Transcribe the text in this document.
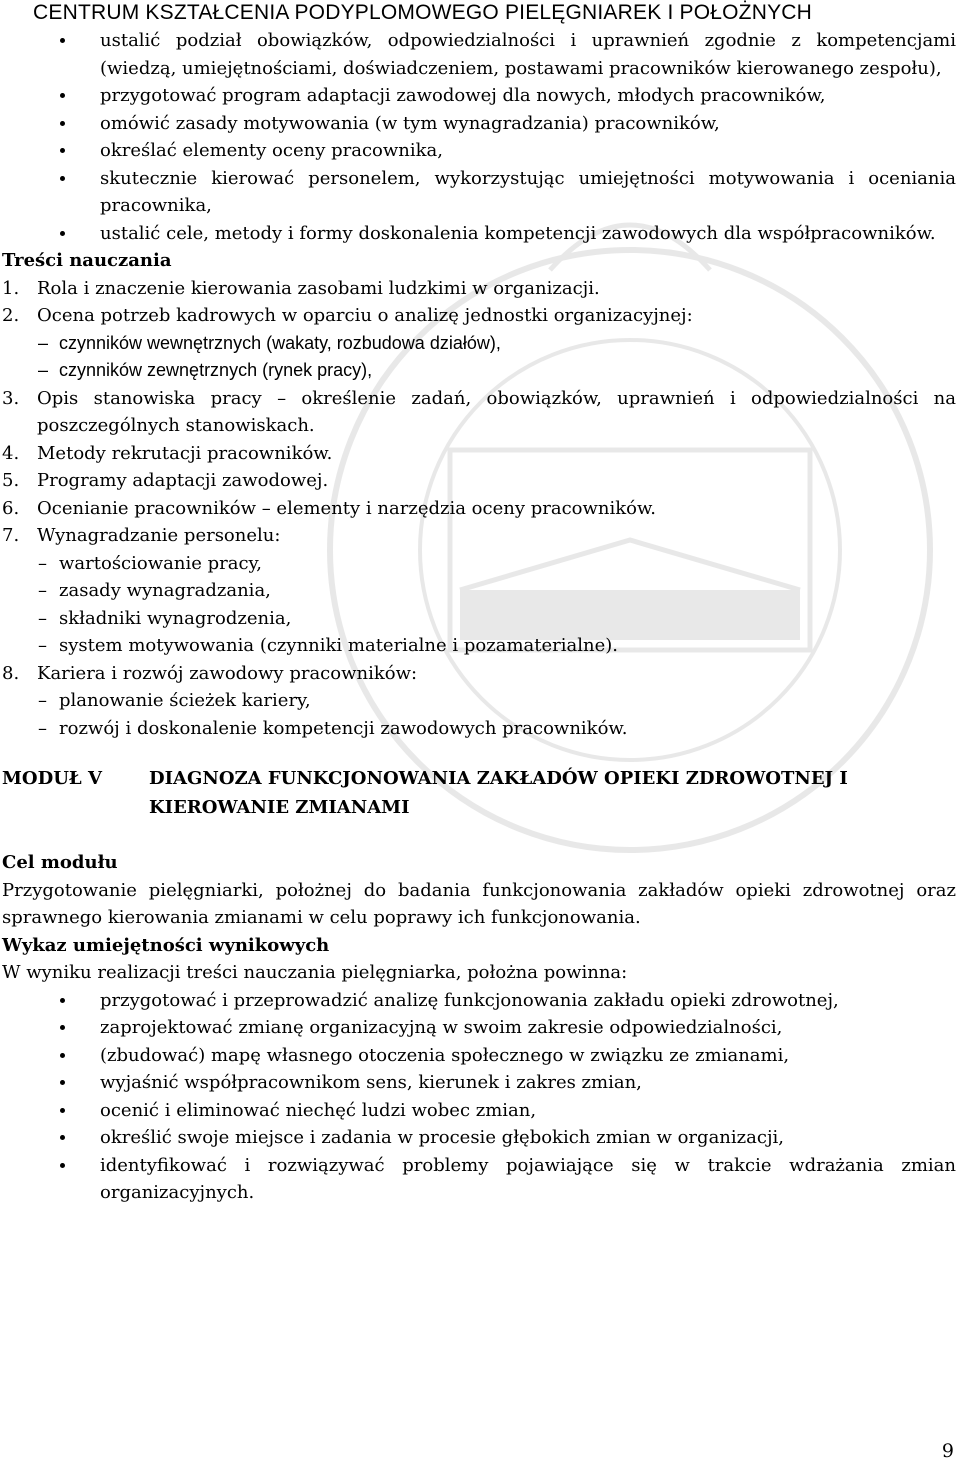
CENTRUM KSZTAŁCENIA PODYPLOMOWEGO PIELĘGNIAREK I POŁOŻNYCH
ustalić podział obowiązków, odpowiedzialności i uprawnień zgodnie z kompetencjami (wiedzą, umiejętnościami, doświadczeniem, postawami pracowników kierowanego zespołu),
przygotować program adaptacji zawodowej dla nowych, młodych pracowników,
omówić zasady motywowania (w tym wynagradzania) pracowników,
określać elementy oceny pracownika,
skutecznie kierować personelem, wykorzystując umiejętności motywowania i oceniania pracownika,
ustalić cele, metody i formy doskonalenia kompetencji zawodowych dla współpracowników.
Treści nauczania
1. Rola i znaczenie kierowania zasobami ludzkimi w organizacji.
2. Ocena potrzeb kadrowych w oparciu o analizę jednostki organizacyjnej:
– czynników wewnętrznych (wakaty, rozbudowa działów),
– czynników zewnętrznych (rynek pracy),
3. Opis stanowiska pracy – określenie zadań, obowiązków, uprawnień i odpowiedzialności na poszczególnych stanowiskach.
4. Metody rekrutacji pracowników.
5. Programy adaptacji zawodowej.
6. Ocenianie pracowników – elementy i narzędzia oceny pracowników.
7. Wynagradzanie personelu:
– wartościowanie pracy,
– zasady wynagradzania,
– składniki wynagrodzenia,
– system motywowania (czynniki materialne i pozamaterialne).
8. Kariera i rozwój zawodowy pracowników:
– planowanie ścieżek kariery,
– rozwój i doskonalenie kompetencji zawodowych pracowników.
MODUŁ V	DIAGNOZA FUNKCJONOWANIA ZAKŁADÓW OPIEKI ZDROWOTNEJ I KIEROWANIE ZMIANAMI
Cel modułu
Przygotowanie pielęgniarki, położnej do badania funkcjonowania zakładów opieki zdrowotnej oraz sprawnego kierowania zmianami w celu poprawy ich funkcjonowania.
Wykaz umiejętności wynikowych
W wyniku realizacji treści nauczania pielęgniarka, położna powinna:
przygotować i przeprowadzić analizę funkcjonowania zakładu opieki zdrowotnej,
zaprojektować zmianę organizacyjną w swoim zakresie odpowiedzialności,
(zbudować) mapę własnego otoczenia społecznego w związku ze zmianami,
wyjaśnić współpracownikom sens, kierunek i zakres zmian,
ocenić i eliminować niechęć ludzi wobec zmian,
określić swoje miejsce i zadania w procesie głębokich zmian w organizacji,
identyfikować i rozwiązywać problemy pojawiające się w trakcie wdrażania zmian organizacyjnych.
9
